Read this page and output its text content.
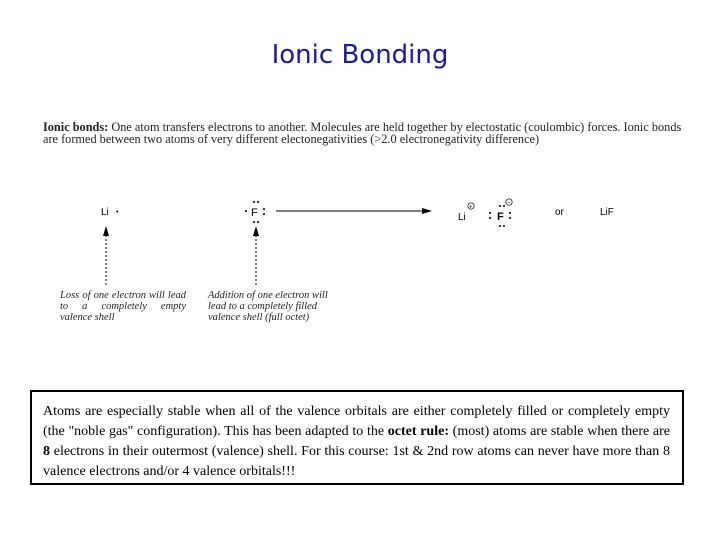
Ionic Bonding
Ionic bonds: One atom transfers electrons to another. Molecules are held together by electostatic (coulombic) forces. Ionic bonds are formed between two atoms of very different electonegativities (>2.0 electronegativity difference)
Li •	F	+
Li
−
F	or	LiF
Loss of one electron will lead to a completely empty valence shell
Addition of one electron will lead to a completely filled valence shell (full octet)
Atoms are especially stable when all of the valence orbitals are either completely filled or completely empty (the "noble gas" configuration). This has been adapted to the octet rule: (most) atoms are stable when there are 8 electrons in their outermost (valence) shell. For this course: 1st & 2nd row atoms can never have more than 8 valence electrons and/or 4 valence orbitals!!!
